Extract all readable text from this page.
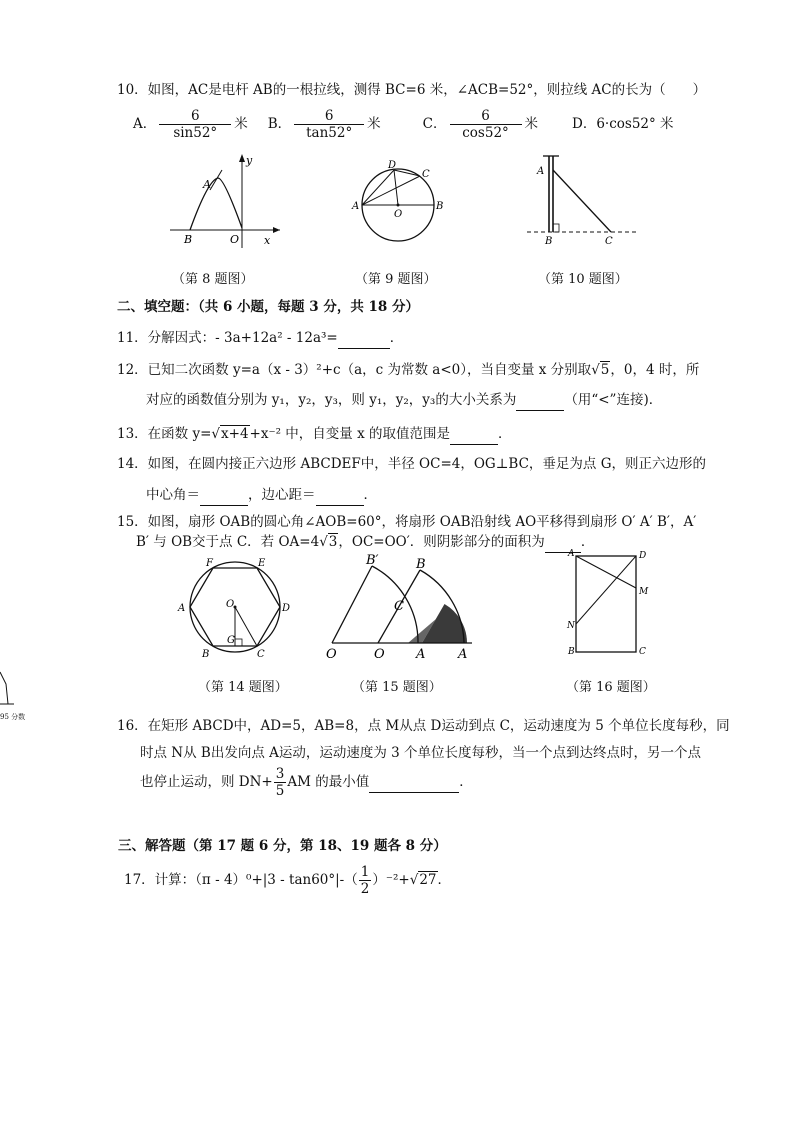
10．如图，AC是电杆 AB的一根拉线，测得 BC=6 米，∠ACB=52°，则拉线 AC的长为（　　）
A． $\frac{6}{\sin 52^\circ}$ 米 B． $\frac{6}{\tan 52^\circ}$ 米	C． $\frac{6}{\cos 52^\circ}$ 米	D．6·cos52° 米
y
x
A
B	O
（第 8 题图）
D
C
A
O
B
（第 9 题图）
A
B	C
（第 10 题图）
二、填空题：（共 6 小题，每题 3 分，共 18 分）
11．分解因式：- 3a+12a² - 12a³=	．
12．已知二次函数 y=a（x - 3）²+c（a，c 为常数 a<0），当自变量 x 分别取√5，0，4 时，所
对应的函数值分别为 y₁，y₂，y₃，则 y₁，y₂，y₃的大小关系为	（用“<”连接)．
13．在函数 y=√x+4+x⁻² 中，自变量 x 的取值范围是	．
14．如图，在圆内接正六边形 ABCDEF中，半径 OC=4，OG⊥BC，垂足为点 G，则正六边形的
中心角＝	，边心距＝	．
15．如图，扇形 OAB的圆心角∠AOB=60°，将扇形 OAB沿射线 AO平移得到扇形 O′ A′ B′，A′
B′ 与 OB交于点 C．若 OA=4√3，OC=OO′．则阴影部分的面积为	．
F	E
A	O	D
G
B	C
（第 14 题图）
B′	B
C
O	O A	A
（第 15 题图）
A	D
M
N
B	C
（第 16 题图）
95 分数
16．在矩形 ABCD中，AD=5，AB=8，点 M从点 D运动到点 C，运动速度为 5 个单位长度每秒，同
时点 N从 B出发向点 A运动，运动速度为 3 个单位长度每秒，当一个点到达终点时，另一个点
也停止运动，则 $DN+ \frac{3}{5}$ AM 的最小值	．
三、解答题（第 17 题 6 分，第 18、19 题各 8 分）
17．计算：$(\pi - 4)^0+|3 - \tan 60^\circ|-( \frac{1}{2} )^{-2}+ √27$ ．
